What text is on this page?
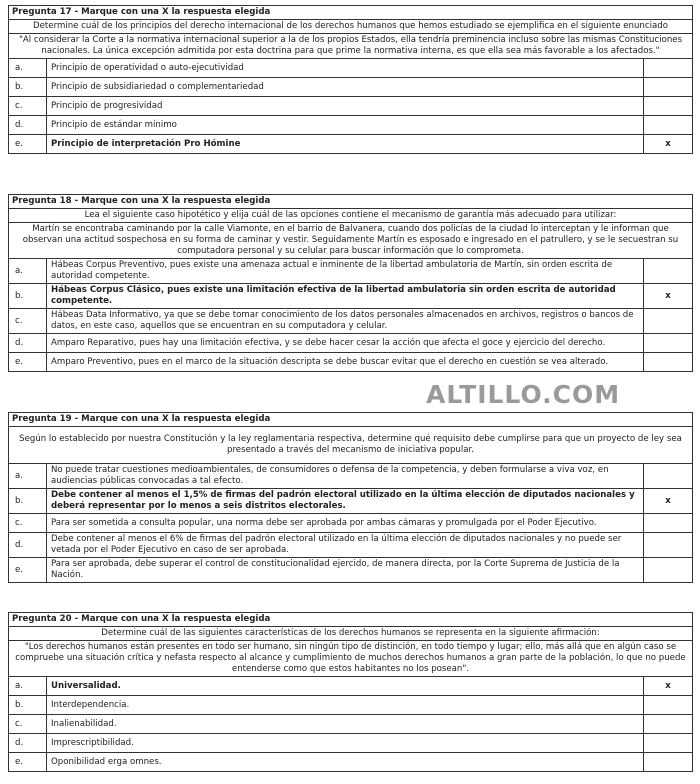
ALTILLO.COM
Pregunta 17 - Marque con una X la respuesta elegida		
Determine cuál de los principios del derecho internacional de los derechos humanos que hemos estudiado se ejemplifica en el siguiente enunciado		
"Al considerar la Corte a la normativa internacional superior a la de los propios Estados, ella tendría preminencia incluso sobre las mismas Constituciones nacionales. La única excepción admitida por esta doctrina para que prime la normativa interna, es que ella sea más favorable a los afectados."		
a.	Principio de operatividad o auto-ejecutividad	
b.	Principio de subsidiariedad o complementariedad	
c.	Principio de progresividad	
d.	Principio de estándar mínimo	
e.	Principio de interpretación Pro Hómine	x
Pregunta 18 - Marque con una X la respuesta elegida		
Lea el siguiente caso hipotético y elija cuál de las opciones contiene el mecanismo de garantía más adecuado para utilizar:		
Martín se encontraba caminando por la calle Viamonte, en el barrio de Balvanera, cuando dos policías de la ciudad lo interceptan y le informan que observan una actitud sospechosa en su forma de caminar y vestir. Seguidamente Martín es esposado e ingresado en el patrullero, y se le secuestran su computadora personal y su celular para buscar información que lo comprometa.		
a.	Hábeas Corpus Preventivo, pues existe una amenaza actual e inminente de la libertad ambulatoria de Martín, sin orden escrita de autoridad competente.	
b.	Hábeas Corpus Clásico, pues existe una limitación efectiva de la libertad ambulatoria sin orden escrita de autoridad competente.	x
c.	Hábeas Data Informativo, ya que se debe tomar conocimiento de los datos personales almacenados en archivos, registros o bancos de datos, en este caso, aquellos que se encuentran en su computadora y celular.	
d.	Amparo Reparativo, pues hay una limitación efectiva, y se debe hacer cesar la acción que afecta el goce y ejercicio del derecho.	
e.	Amparo Preventivo, pues en el marco de la situación descripta se debe buscar evitar que el derecho en cuestión se vea alterado.	
Pregunta 19 - Marque con una X la respuesta elegida		
Según lo establecido por nuestra Constitución y la ley reglamentaria respectiva, determine qué requisito debe cumplirse para que un proyecto de ley sea presentado a través del mecanismo de iniciativa popular.		
a.	No puede tratar cuestiones medioambientales, de consumidores o defensa de la competencia, y deben formularse a viva voz, en audiencias públicas convocadas a tal efecto.	
b.	Debe contener al menos el 1,5% de firmas del padrón electoral utilizado en la última elección de diputados nacionales y deberá representar por lo menos a seis distritos electorales.	x
c.	Para ser sometida a consulta popular, una norma debe ser aprobada por ambas cámaras y promulgada por el Poder Ejecutivo.	
d.	Debe contener al menos el 6% de firmas del padrón electoral utilizado en la última elección de diputados nacionales y no puede ser vetada por el Poder Ejecutivo en caso de ser aprobada.	
e.	Para ser aprobada, debe superar el control de constitucionalidad ejercido, de manera directa, por la Corte Suprema de Justicia de la Nación.	
Pregunta 20 - Marque con una X la respuesta elegida		
Determine cuál de las siguientes características de los derechos humanos se representa en la siguiente afirmación:		
"Los derechos humanos están presentes en todo ser humano, sin ningún tipo de distinción, en todo tiempo y lugar; ello, más allá que en algún caso se compruebe una situación crítica y nefasta respecto al alcance y cumplimiento de muchos derechos humanos a gran parte de la población, lo que no puede entenderse como que estos habitantes no los posean".		
a.	Universalidad.	x
b.	Interdependencia.	
c.	Inalienabilidad.	
d.	Imprescriptibilidad.	
e.	Oponibilidad erga omnes.	
